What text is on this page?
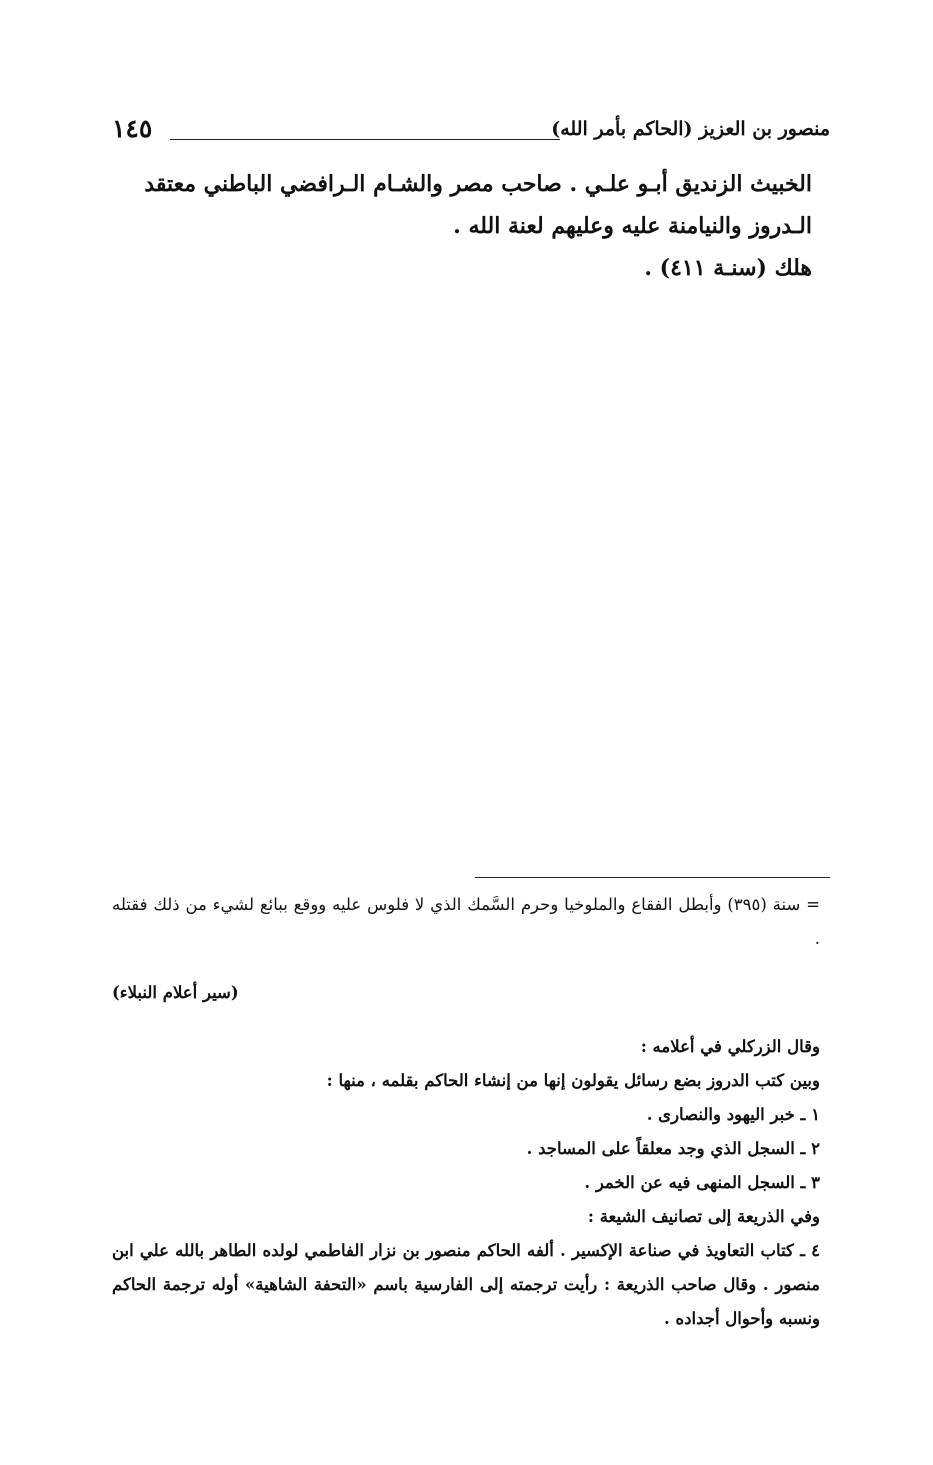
منصور بن العزيز (الحاكم بأمر الله)
١٤٥

الخبيث الزنديق أبـو علـي . صاحب مصر والشـام الـرافضي الباطني معتقد

الـدروز والنيامنة عليه وعليهم لعنة الله .

هلك (سنـة ٤١١) .

= سنة (٣٩٥) وأبطل الفقاع والملوخيا وحرم السَّمك الذي لا فلوس عليه ووقع ببائع لشيء من ذلك فقتله .

(سير أعلام النبلاء)

وقال الزركلي في أعلامه :

وبين كتب الدروز بضع رسائل يقولون إنها من إنشاء الحاكم بقلمه ، منها :

١ ـ خبر اليهود والنصارى .

٢ ـ السجل الذي وجد معلقاً على المساجد .

٣ ـ السجل المنهى فيه عن الخمر .

وفي الذريعة إلى تصانيف الشيعة :

٤ ـ كتاب التعاويذ في صناعة الإكسير . ألفه الحاكم منصور بن نزار الفاطمي لولده الطاهر بالله علي ابن منصور . وقال صاحب الذريعة : رأيت ترجمته إلى الفارسية باسم «التحفة الشاهية» أوله ترجمة الحاكم ونسبه وأحوال أجداده .
